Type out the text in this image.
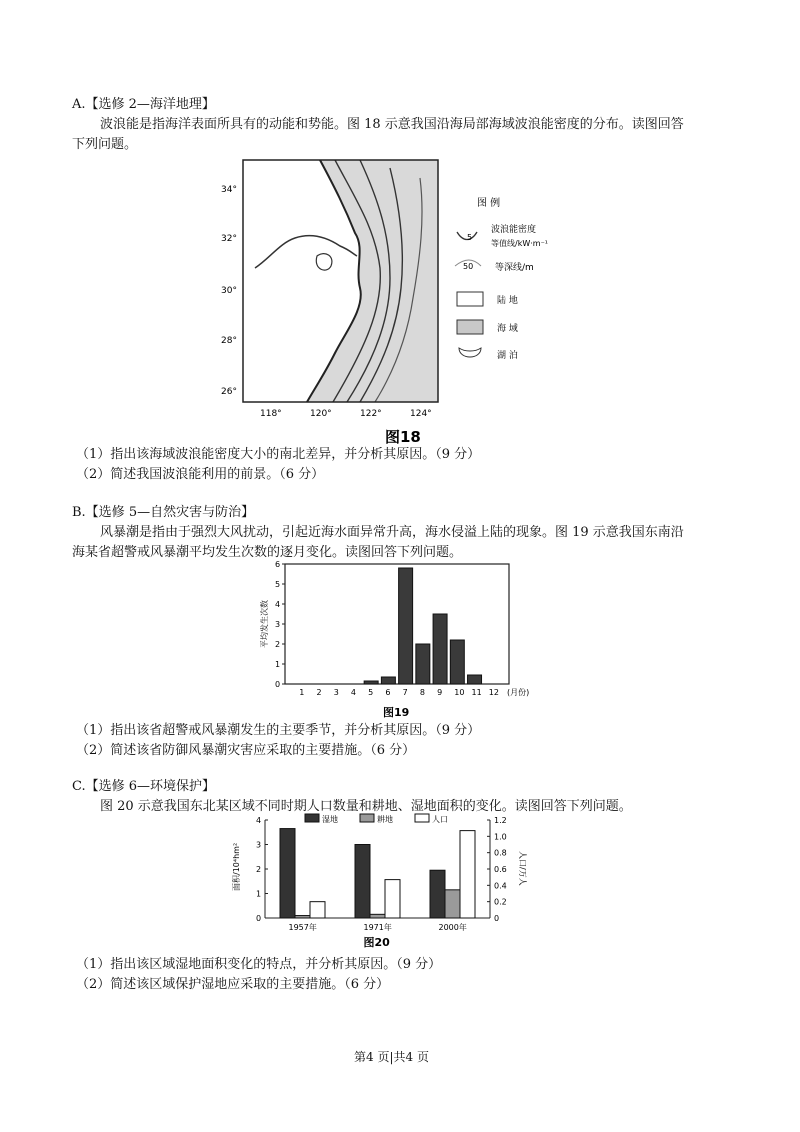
A.【选修 2—海洋地理】
波浪能是指海洋表面所具有的动能和势能。图 18 示意我国沿海局部海域波浪能密度的分布。读图回答
下列问题。
34°
32°
30°
28°
26°
118°	120°	122°	124°
图 例
5
波浪能密度
等值线/kW·m⁻¹
50 等深线/m
陆 地
海 域
湖 泊
图18
（1）指出该海域波浪能密度大小的南北差异，并分析其原因。（9 分）
（2）简述我国波浪能利用的前景。（6 分）
B.【选修 5—自然灾害与防治】
风暴潮是指由于强烈大风扰动，引起近海水面异常升高，海水侵溢上陆的现象。图 19 示意我国东南沿
海某省超警戒风暴潮平均发生次数的逐月变化。读图回答下列问题。
0
1
2
3
4
5
6
1 2 3 4 5 6 7 8 9 10 11 12 (月份)
平均发生次数
图19
（1）指出该省超警戒风暴潮发生的主要季节，并分析其原因。（9 分）
（2）简述该省防御风暴潮灾害应采取的主要措施。（6 分）
C.【选修 6—环境保护】
图 20 示意我国东北某区域不同时期人口数量和耕地、湿地面积的变化。读图回答下列问题。
0
1
2
3
4
0
0.2
0.4
0.6
0.8
1.0
1.2
1957年	1971年	2000年
湿地	耕地	人口
面积/10⁴hm²	人口/万人
图20
（1）指出该区域湿地面积变化的特点，并分析其原因。（9 分）
（2）简述该区域保护湿地应采取的主要措施。（6 分）
第4 页|共4 页
